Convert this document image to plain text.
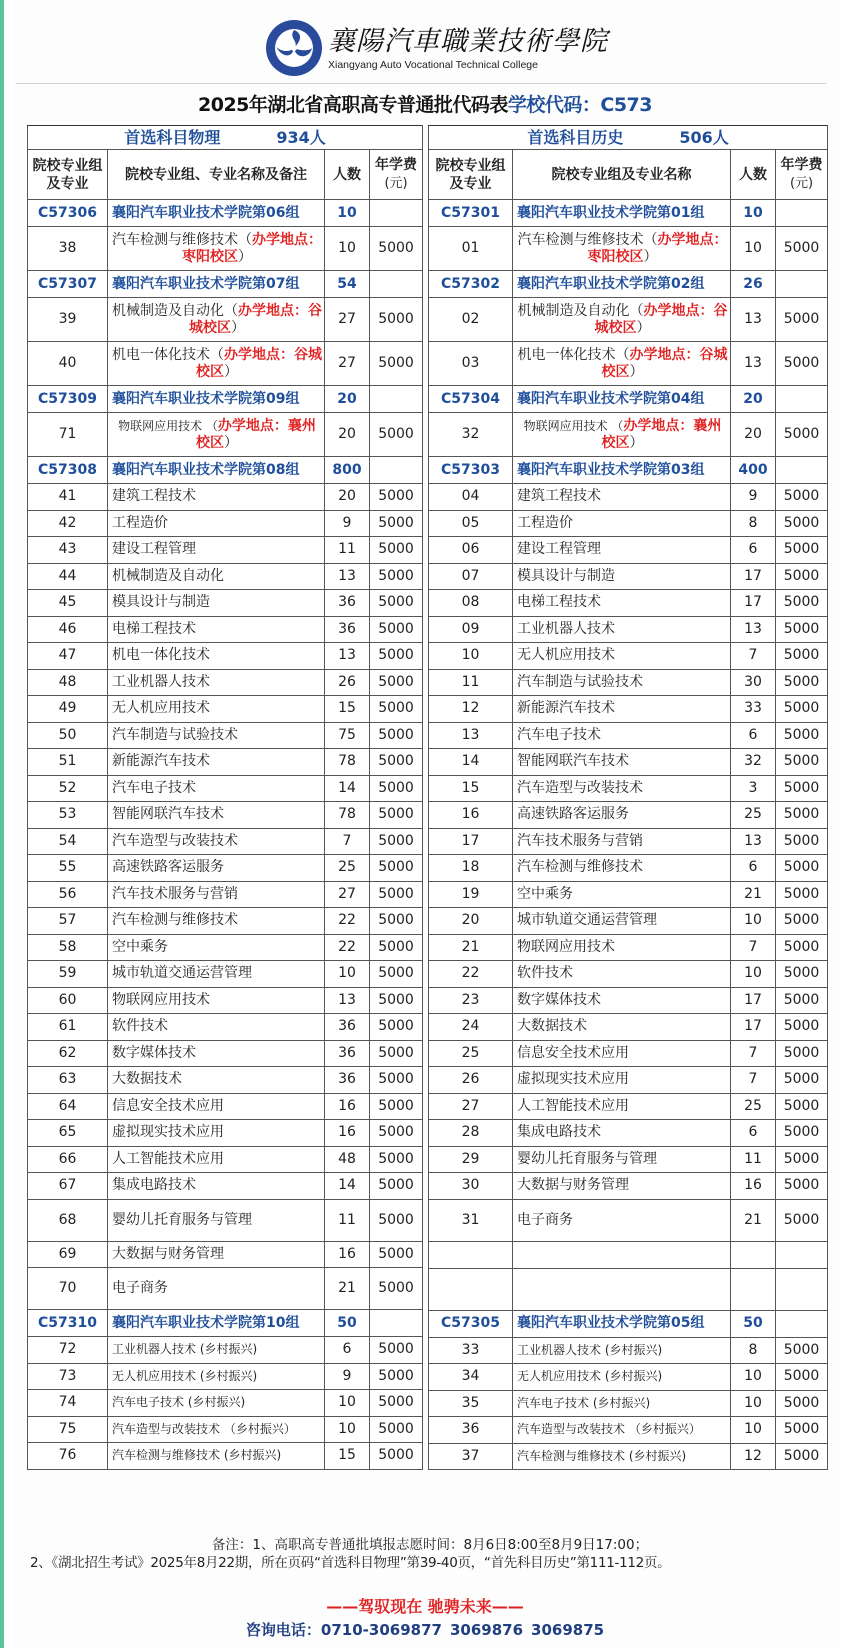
襄陽汽車職業技術學院
Xiangyang Auto Vocational Technical College
2025年湖北省高职高专普通批代码表学校代码：C573
首选科目物理 934人			
院校专业组及专业	院校专业组、专业名称及备注	人数	年学费
(元)
C57306	襄阳汽车职业技术学院第06组	10	
38	汽车检测与维修技术（办学地点：枣阳校区）	10	5000
C57307	襄阳汽车职业技术学院第07组	54	
39	机械制造及自动化（办学地点：谷城校区）	27	5000
40	机电一体化技术（办学地点：谷城校区）	27	5000
C57309	襄阳汽车职业技术学院第09组	20	
71	物联网应用技术 （办学地点：襄州校区）	20	5000
C57308	襄阳汽车职业技术学院第08组	800	
41	建筑工程技术	20	5000
42	工程造价	9	5000
43	建设工程管理	11	5000
44	机械制造及自动化	13	5000
45	模具设计与制造	36	5000
46	电梯工程技术	36	5000
47	机电一体化技术	13	5000
48	工业机器人技术	26	5000
49	无人机应用技术	15	5000
50	汽车制造与试验技术	75	5000
51	新能源汽车技术	78	5000
52	汽车电子技术	14	5000
53	智能网联汽车技术	78	5000
54	汽车造型与改装技术	7	5000
55	高速铁路客运服务	25	5000
56	汽车技术服务与营销	27	5000
57	汽车检测与维修技术	22	5000
58	空中乘务	22	5000
59	城市轨道交通运营管理	10	5000
60	物联网应用技术	13	5000
61	软件技术	36	5000
62	数字媒体技术	36	5000
63	大数据技术	36	5000
64	信息安全技术应用	16	5000
65	虚拟现实技术应用	16	5000
66	人工智能技术应用	48	5000
67	集成电路技术	14	5000
68	婴幼儿托育服务与管理	11	5000
69	大数据与财务管理	16	5000
70	电子商务	21	5000
C57310	襄阳汽车职业技术学院第10组	50	
72	工业机器人技术 (乡村振兴)	6	5000
73	无人机应用技术 (乡村振兴)	9	5000
74	汽车电子技术 (乡村振兴)	10	5000
75	汽车造型与改装技术 （乡村振兴）	10	5000
76	汽车检测与维修技术 (乡村振兴)	15	5000
首选科目历史 506人			
院校专业组及专业	院校专业组及专业名称	人数	年学费
(元)
C57301	襄阳汽车职业技术学院第01组	10	
01	汽车检测与维修技术（办学地点：枣阳校区）	10	5000
C57302	襄阳汽车职业技术学院第02组	26	
02	机械制造及自动化（办学地点：谷城校区）	13	5000
03	机电一体化技术（办学地点：谷城校区）	13	5000
C57304	襄阳汽车职业技术学院第04组	20	
32	物联网应用技术 （办学地点：襄州校区）	20	5000
C57303	襄阳汽车职业技术学院第03组	400	
04	建筑工程技术	9	5000
05	工程造价	8	5000
06	建设工程管理	6	5000
07	模具设计与制造	17	5000
08	电梯工程技术	17	5000
09	工业机器人技术	13	5000
10	无人机应用技术	7	5000
11	汽车制造与试验技术	30	5000
12	新能源汽车技术	33	5000
13	汽车电子技术	6	5000
14	智能网联汽车技术	32	5000
15	汽车造型与改装技术	3	5000
16	高速铁路客运服务	25	5000
17	汽车技术服务与营销	13	5000
18	汽车检测与维修技术	6	5000
19	空中乘务	21	5000
20	城市轨道交通运营管理	10	5000
21	物联网应用技术	7	5000
22	软件技术	10	5000
23	数字媒体技术	17	5000
24	大数据技术	17	5000
25	信息安全技术应用	7	5000
26	虚拟现实技术应用	7	5000
27	人工智能技术应用	25	5000
28	集成电路技术	6	5000
29	婴幼儿托育服务与管理	11	5000
30	大数据与财务管理	16	5000
31	电子商务	21	5000

C57305	襄阳汽车职业技术学院第05组	50	
33	工业机器人技术 (乡村振兴)	8	5000
34	无人机应用技术 (乡村振兴)	10	5000
35	汽车电子技术 (乡村振兴)	10	5000
36	汽车造型与改装技术 （乡村振兴）	10	5000
37	汽车检测与维修技术 (乡村振兴)	12	5000
备注：1、高职高专普通批填报志愿时间：8月6日8:00至8月9日17:00；
2、《湖北招生考试》2025年8月22期，所在页码“首选科目物理”第39-40页，“首先科目历史”第111-112页。
——驾驭现在 驰骋未来——
咨询电话：0710-3069877 3069876 3069875
